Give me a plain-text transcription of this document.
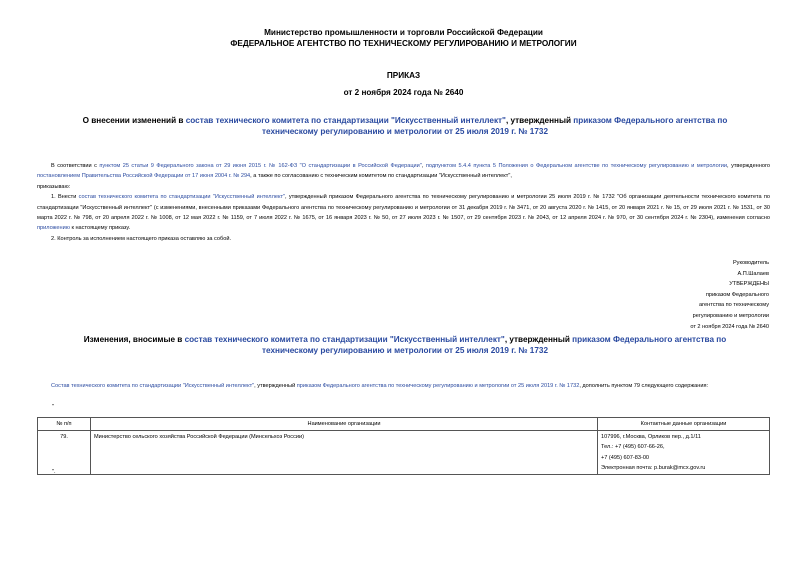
Министерство промышленности и торговли Российской Федерации
ФЕДЕРАЛЬНОЕ АГЕНТСТВО ПО ТЕХНИЧЕСКОМУ РЕГУЛИРОВАНИЮ И МЕТРОЛОГИИ
ПРИКАЗ
от 2 ноября 2024 года № 2640
О внесении изменений в состав технического комитета по стандартизации "Искусственный интеллект", утвержденный приказом Федерального агентства по техническому регулированию и метрологии от 25 июля 2019 г. № 1732
В соответствии с пунктом 25 статьи 9 Федерального закона от 29 июня 2015 г. № 162-ФЗ "О стандартизации в Российской Федерации", подпунктом 5.4.4 пункта 5 Положения о Федеральном агентстве по техническому регулированию и метрологии, утвержденного постановлением Правительства Российской Федерации от 17 июня 2004 г. № 294, а также по согласованию с техническим комитетом по стандартизации "Искусственный интеллект",
приказываю:
1. Внести состав технического комитета по стандартизации "Искусственный интеллект", утвержденный приказом Федерального агентства по техническому регулированию и метрологии 25 июля 2019 г. № 1732 "Об организации деятельности технического комитета по стандартизации "Искусственный интеллект" (с изменениями, внесенными приказами Федерального агентства по техническому регулированию и метрологии от 31 декабря 2019 г. № 3471, от 20 августа 2020 г. № 1415, от 20 января 2021 г. № 15, от 29 июля 2021 г. № 1531, от 30 марта 2022 г. № 798, от 20 апреля 2022 г. № 1008, от 12 мая 2022 г. № 1159, от 7 июля 2022 г. № 1675, от 16 января 2023 г. № 50, от 27 июля 2023 г. № 1507, от 29 сентября 2023 г. № 2043, от 12 апреля 2024 г. № 970, от 30 сентября 2024 г. № 2304), изменения согласно приложению к настоящему приказу.
2. Контроль за исполнением настоящего приказа оставляю за собой.
Руководитель
А.П.Шалаев
УТВЕРЖДЕНЫ
приказом Федерального
агентства по техническому
регулированию и метрологии
от 2 ноября 2024 года № 2640
Изменения, вносимые в состав технического комитета по стандартизации "Искусственный интеллект", утвержденный приказом Федерального агентства по техническому регулированию и метрологии от 25 июля 2019 г. № 1732
Состав технического комитета по стандартизации "Искусственный интеллект", утвержденный приказом Федерального агентства по техническому регулированию и метрологии от 25 июля 2019 г. № 1732, дополнить пунктом 79 следующего содержания:
"
№ п/п	Наименование организации	Контактные данные организации
79.	Министерство сельского хозяйства Российской Федерации (Минсельхоз России)	107996, г.Москва, Орликов пер., д.1/11
Тел.: +7 (495) 607-66-26,
+7 (495) 607-83-00
Электронная почта: p.burak@mcx.gov.ru
".
